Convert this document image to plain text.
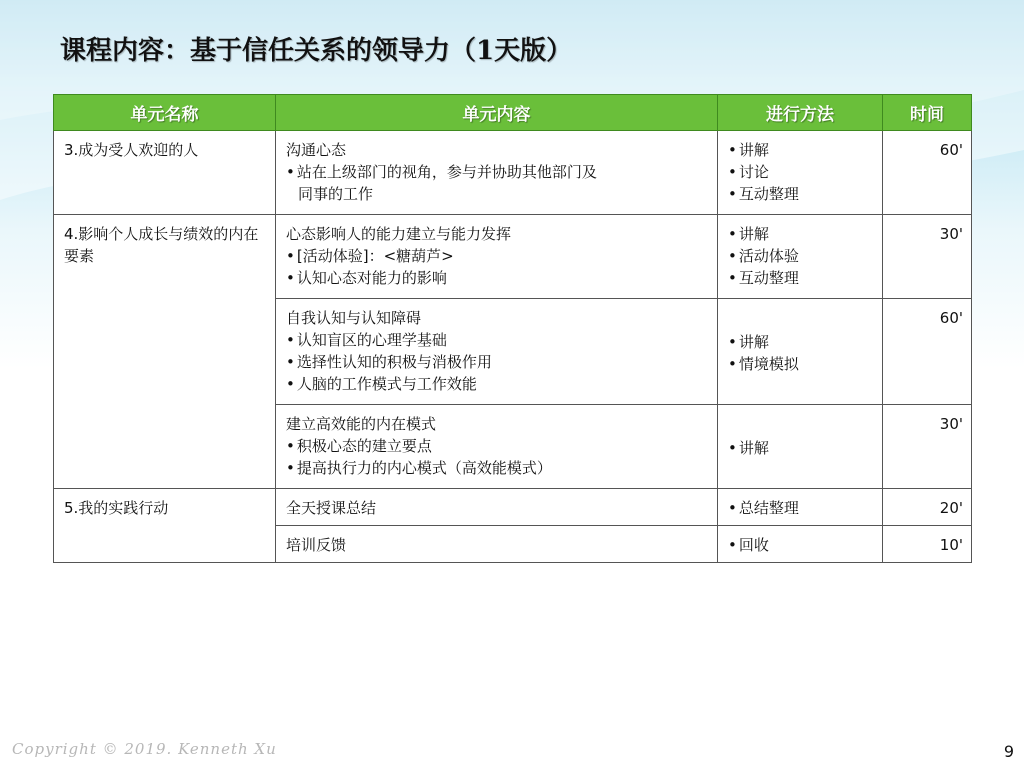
课程内容：基于信任关系的领导力（1天版）
单元名称	单元内容	进行方法	时间
3.成为受人欢迎的人	沟通心态
• 站在上级部门的视角，参与并协助其他部门及
同事的工作	• 讲解
• 讨论
• 互动整理	60'
4.影响个人成长与绩效的内在要素	心态影响人的能力建立与能力发挥
• [活动体验]：<糖葫芦>
• 认知心态对能力的影响	• 讲解
• 活动体验
• 互动整理	30'

	自我认知与认知障碍
• 认知盲区的心理学基础
• 选择性认知的积极与消极作用
• 人脑的工作模式与工作效能	• 讲解
• 情境模拟	60'

	建立高效能的内在模式
• 积极心态的建立要点
• 提高执行力的内心模式（高效能模式）	• 讲解	30'
5.我的实践行动	全天授课总结	• 总结整理	20'

	培训反馈	• 回收	10'
Copyright © 2019. Kenneth Xu	9
